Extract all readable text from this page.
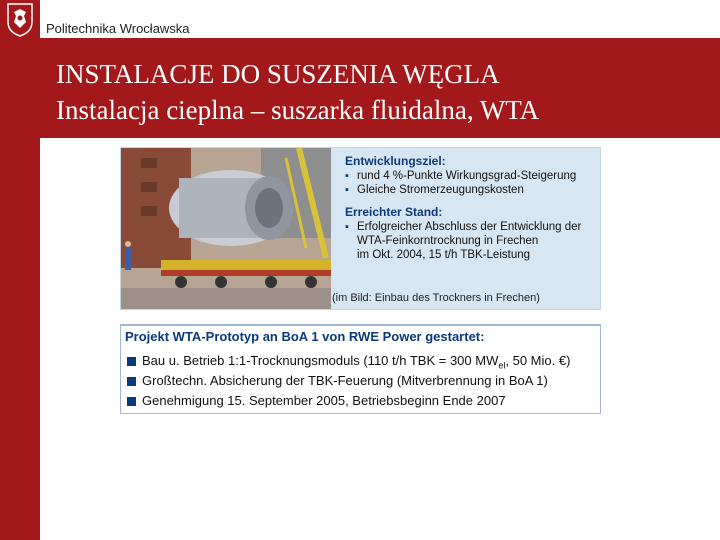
Politechnika Wrocławska
INSTALACJE DO SUSZENIA WĘGLA
Instalacja cieplna – suszarka fluidalna, WTA
(im Bild: Einbau des Trockners in Frechen)
Entwicklungsziel:
▪ rund 4 %-Punkte Wirkungsgrad-Steigerung
▪ Gleiche Stromerzeugungskosten
Erreichter Stand:
▪ Erfolgreicher Abschluss der Entwicklung der
WTA-Feinkorntrocknung in Frechen
im Okt. 2004, 15 t/h TBK-Leistung
Projekt WTA-Prototyp an BoA 1 von RWE Power gestartet:
Bau u. Betrieb 1:1-Trocknungsmoduls (110 t/h TBK = 300 $MW_{el}$, 50 Mio. €)
Großtechn. Absicherung der TBK-Feuerung (Mitverbrennung in BoA 1)
Genehmigung 15. September 2005, Betriebsbeginn Ende 2007
